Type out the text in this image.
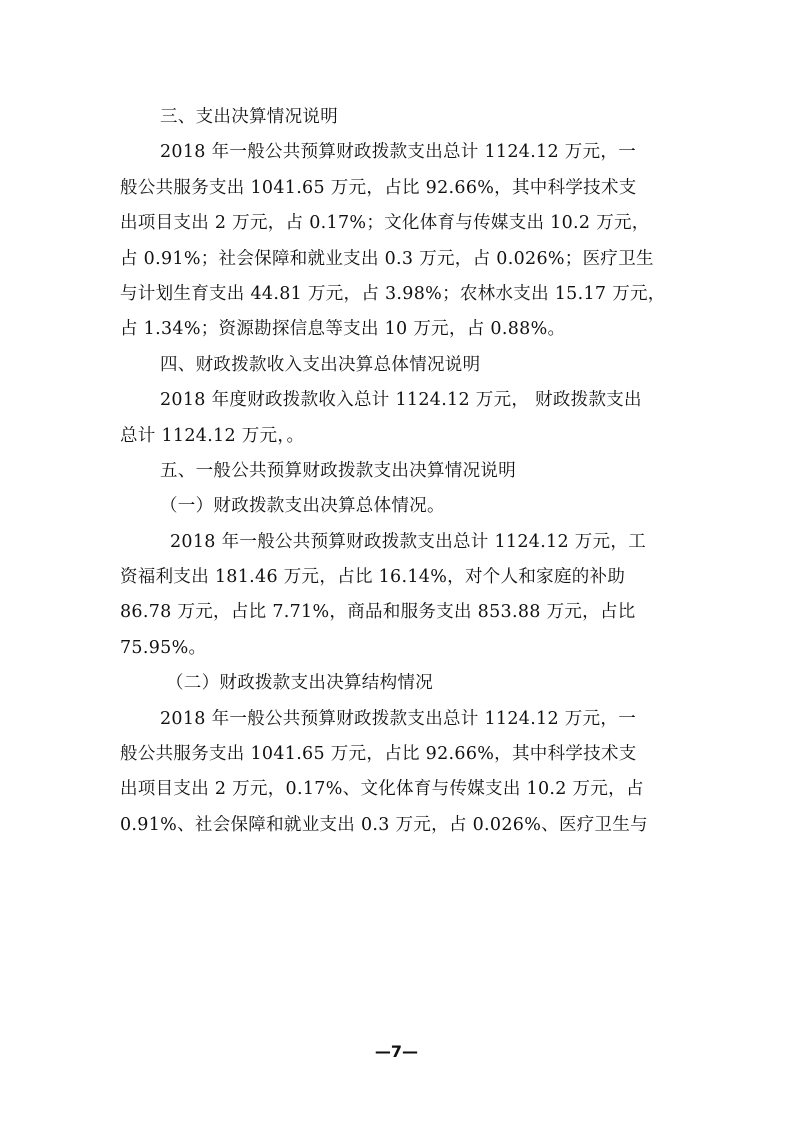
三、支出决算情况说明
2018 年一般公共预算财政拨款支出总计 1124.12 万元，一
般公共服务支出 1041.65 万元，占比 92.66%，其中科学技术支
出项目支出 2 万元，占 0.17%；文化体育与传媒支出 10.2 万元，
占 0.91%；社会保障和就业支出 0.3 万元，占 0.026%；医疗卫生
与计划生育支出 44.81 万元，占 3.98%；农林水支出 15.17 万元，
占 1.34%；资源勘探信息等支出 10 万元，占 0.88%。
四、财政拨款收入支出决算总体情况说明
2018 年度财政拨款收入总计 1124.12 万元， 财政拨款支出
总计 1124.12 万元，。
五、一般公共预算财政拨款支出决算情况说明
（一）财政拨款支出决算总体情况。
2018 年一般公共预算财政拨款支出总计 1124.12 万元，工
资福利支出 181.46 万元，占比 16.14%，对个人和家庭的补助
86.78 万元，占比 7.71%，商品和服务支出 853.88 万元，占比
75.95%。
（二）财政拨款支出决算结构情况
2018 年一般公共预算财政拨款支出总计 1124.12 万元，一
般公共服务支出 1041.65 万元，占比 92.66%，其中科学技术支
出项目支出 2 万元，0.17%、文化体育与传媒支出 10.2 万元，占
0.91%、社会保障和就业支出 0.3 万元，占 0.026%、医疗卫生与
—7—
